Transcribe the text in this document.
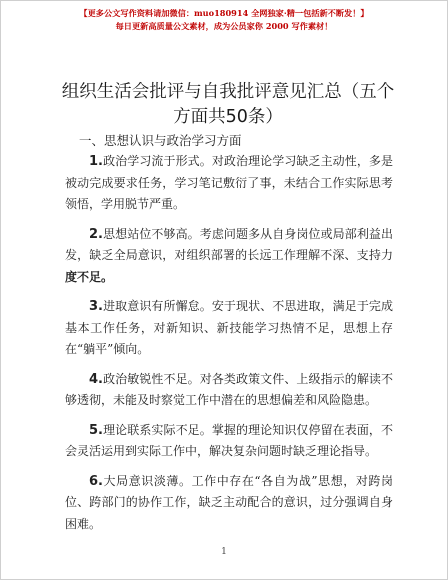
【更多公文写作资料请加微信：muo180914 全网独家·精一包括新不断发！】
每日更新高质量公文素材，成为公员家你 2000 写作素材！
组织生活会批评与自我批评意见汇总（五个方面共50条）
一、思想认识与政治学习方面

1.政治学习流于形式。对政治理论学习缺乏主动性，多是被动完成要求任务，学习笔记敷衍了事，未结合工作实际思考领悟，学用脱节严重。

2.思想站位不够高。考虑问题多从自身岗位或局部利益出发，缺乏全局意识，对组织部署的长远工作理解不深、支持力度不足。

3.进取意识有所懈怠。安于现状、不思进取，满足于完成基本工作任务，对新知识、新技能学习热情不足，思想上存在“躺平”倾向。

4.政治敏锐性不足。对各类政策文件、上级指示的解读不够透彻，未能及时察觉工作中潜在的思想偏差和风险隐患。

5.理论联系实际不足。掌握的理论知识仅停留在表面，不会灵活运用到实际工作中，解决复杂问题时缺乏理论指导。

6.大局意识淡薄。工作中存在“各自为战”思想，对跨岗位、跨部门的协作工作，缺乏主动配合的意识，过分强调自身困难。

1
